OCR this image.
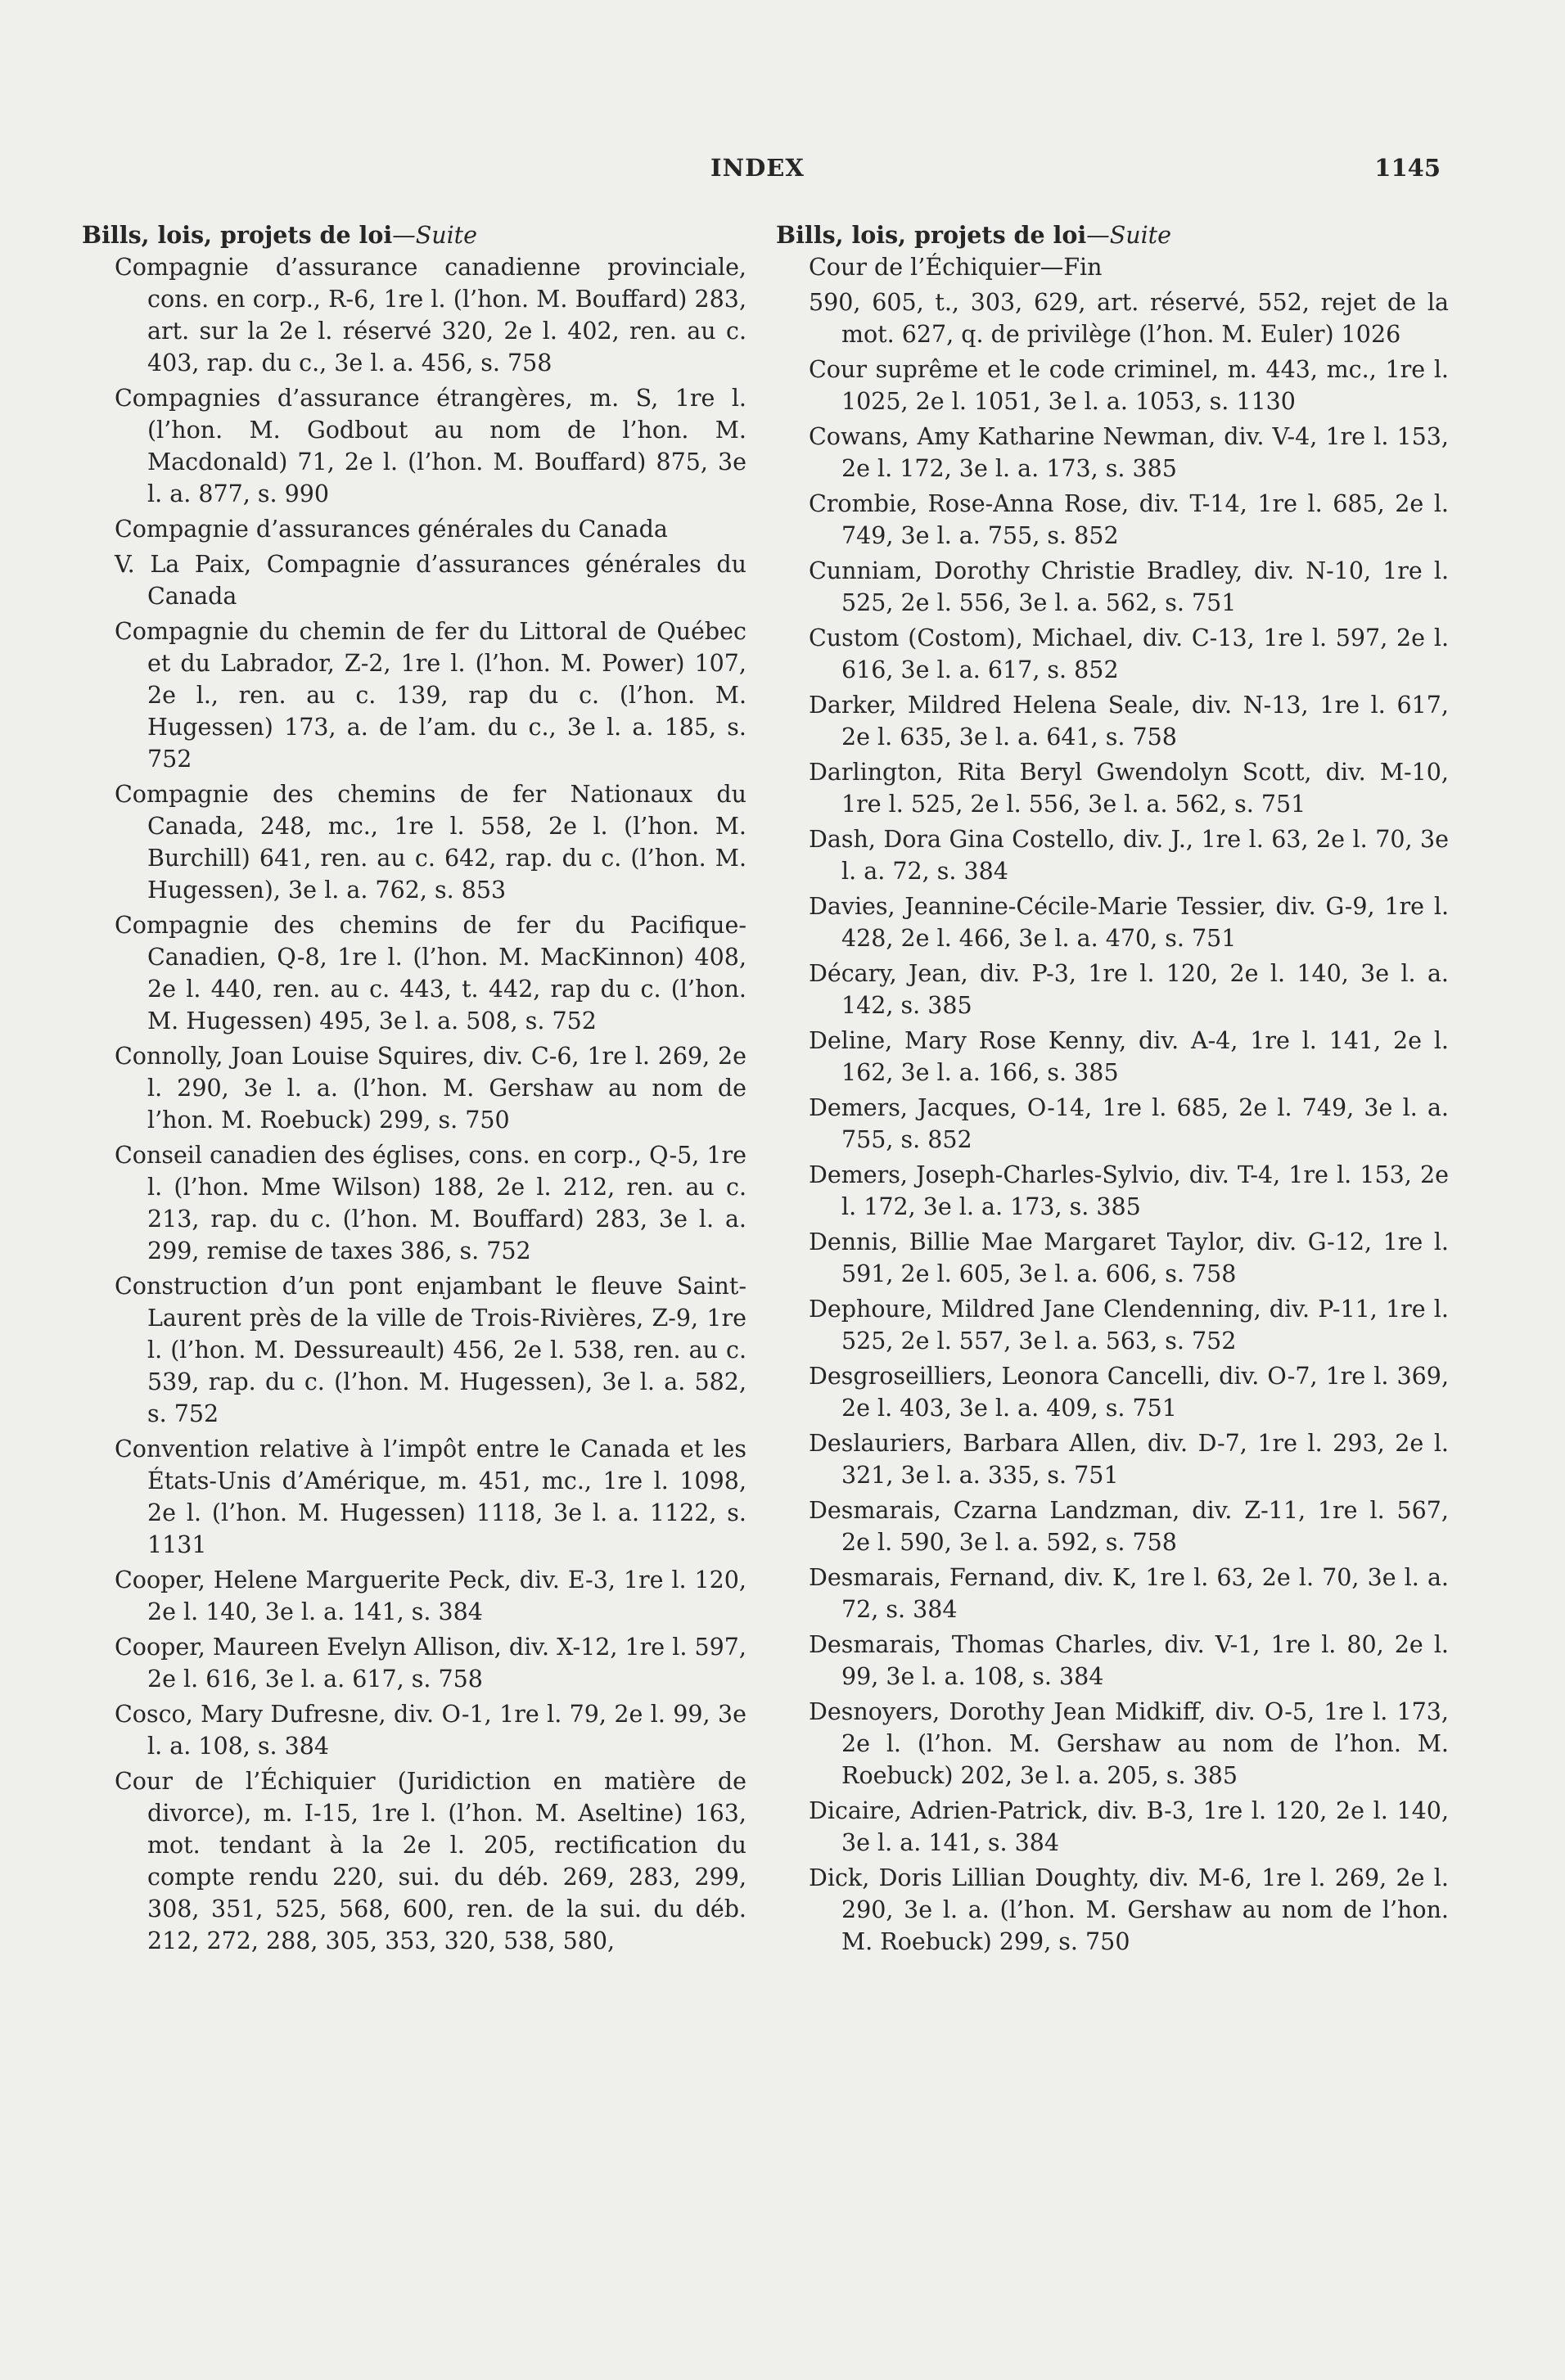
INDEX	1145
Bills, lois, projets de loi—Suite

Compagnie d’assurance canadienne provinciale, cons. en corp., R-6, 1re l. (l’hon. M. Bouffard) 283, art. sur la 2e l. réservé 320, 2e l. 402, ren. au c. 403, rap. du c., 3e l. a. 456, s. 758

Compagnies d’assurance étrangères, m. S, 1re l. (l’hon. M. Godbout au nom de l’hon. M. Macdonald) 71, 2e l. (l’hon. M. Bouffard) 875, 3e l. a. 877, s. 990

Compagnie d’assurances générales du Canada

V. La Paix, Compagnie d’assurances générales du Canada

Compagnie du chemin de fer du Littoral de Québec et du Labrador, Z-2, 1re l. (l’hon. M. Power) 107, 2e l., ren. au c. 139, rap du c. (l’hon. M. Hugessen) 173, a. de l’am. du c., 3e l. a. 185, s. 752

Compagnie des chemins de fer Nationaux du Canada, 248, mc., 1re l. 558, 2e l. (l’hon. M. Burchill) 641, ren. au c. 642, rap. du c. (l’hon. M. Hugessen), 3e l. a. 762, s. 853

Compagnie des chemins de fer du Pacifique-Canadien, Q-8, 1re l. (l’hon. M. MacKinnon) 408, 2e l. 440, ren. au c. 443, t. 442, rap du c. (l’hon. M. Hugessen) 495, 3e l. a. 508, s. 752

Connolly, Joan Louise Squires, div. C-6, 1re l. 269, 2e l. 290, 3e l. a. (l’hon. M. Gershaw au nom de l’hon. M. Roebuck) 299, s. 750

Conseil canadien des églises, cons. en corp., Q-5, 1re l. (l’hon. Mme Wilson) 188, 2e l. 212, ren. au c. 213, rap. du c. (l’hon. M. Bouffard) 283, 3e l. a. 299, remise de taxes 386, s. 752

Construction d’un pont enjambant le fleuve Saint-Laurent près de la ville de Trois-Rivières, Z-9, 1re l. (l’hon. M. Dessureault) 456, 2e l. 538, ren. au c. 539, rap. du c. (l’hon. M. Hugessen), 3e l. a. 582, s. 752

Convention relative à l’impôt entre le Canada et les États-Unis d’Amérique, m. 451, mc., 1re l. 1098, 2e l. (l’hon. M. Hugessen) 1118, 3e l. a. 1122, s. 1131

Cooper, Helene Marguerite Peck, div. E-3, 1re l. 120, 2e l. 140, 3e l. a. 141, s. 384

Cooper, Maureen Evelyn Allison, div. X-12, 1re l. 597, 2e l. 616, 3e l. a. 617, s. 758

Cosco, Mary Dufresne, div. O-1, 1re l. 79, 2e l. 99, 3e l. a. 108, s. 384

Cour de l’Échiquier (Juridiction en matière de divorce), m. I-15, 1re l. (l’hon. M. Aseltine) 163, mot. tendant à la 2e l. 205, rectification du compte rendu 220, sui. du déb. 269, 283, 299, 308, 351, 525, 568, 600, ren. de la sui. du déb. 212, 272, 288, 305, 353, 320, 538, 580,

Bills, lois, projets de loi—Suite

Cour de l’Échiquier—Fin

590, 605, t., 303, 629, art. réservé, 552, rejet de la mot. 627, q. de privilège (l’hon. M. Euler) 1026

Cour suprême et le code criminel, m. 443, mc., 1re l. 1025, 2e l. 1051, 3e l. a. 1053, s. 1130

Cowans, Amy Katharine Newman, div. V-4, 1re l. 153, 2e l. 172, 3e l. a. 173, s. 385

Crombie, Rose-Anna Rose, div. T-14, 1re l. 685, 2e l. 749, 3e l. a. 755, s. 852

Cunniam, Dorothy Christie Bradley, div. N-10, 1re l. 525, 2e l. 556, 3e l. a. 562, s. 751

Custom (Costom), Michael, div. C-13, 1re l. 597, 2e l. 616, 3e l. a. 617, s. 852

Darker, Mildred Helena Seale, div. N-13, 1re l. 617, 2e l. 635, 3e l. a. 641, s. 758

Darlington, Rita Beryl Gwendolyn Scott, div. M-10, 1re l. 525, 2e l. 556, 3e l. a. 562, s. 751

Dash, Dora Gina Costello, div. J., 1re l. 63, 2e l. 70, 3e l. a. 72, s. 384

Davies, Jeannine-Cécile-Marie Tessier, div. G-9, 1re l. 428, 2e l. 466, 3e l. a. 470, s. 751

Décary, Jean, div. P-3, 1re l. 120, 2e l. 140, 3e l. a. 142, s. 385

Deline, Mary Rose Kenny, div. A-4, 1re l. 141, 2e l. 162, 3e l. a. 166, s. 385

Demers, Jacques, O-14, 1re l. 685, 2e l. 749, 3e l. a. 755, s. 852

Demers, Joseph-Charles-Sylvio, div. T-4, 1re l. 153, 2e l. 172, 3e l. a. 173, s. 385

Dennis, Billie Mae Margaret Taylor, div. G-12, 1re l. 591, 2e l. 605, 3e l. a. 606, s. 758

Dephoure, Mildred Jane Clendenning, div. P-11, 1re l. 525, 2e l. 557, 3e l. a. 563, s. 752

Desgroseilliers, Leonora Cancelli, div. O-7, 1re l. 369, 2e l. 403, 3e l. a. 409, s. 751

Deslauriers, Barbara Allen, div. D-7, 1re l. 293, 2e l. 321, 3e l. a. 335, s. 751

Desmarais, Czarna Landzman, div. Z-11, 1re l. 567, 2e l. 590, 3e l. a. 592, s. 758

Desmarais, Fernand, div. K, 1re l. 63, 2e l. 70, 3e l. a. 72, s. 384

Desmarais, Thomas Charles, div. V-1, 1re l. 80, 2e l. 99, 3e l. a. 108, s. 384

Desnoyers, Dorothy Jean Midkiff, div. O-5, 1re l. 173, 2e l. (l’hon. M. Gershaw au nom de l’hon. M. Roebuck) 202, 3e l. a. 205, s. 385

Dicaire, Adrien-Patrick, div. B-3, 1re l. 120, 2e l. 140, 3e l. a. 141, s. 384

Dick, Doris Lillian Doughty, div. M-6, 1re l. 269, 2e l. 290, 3e l. a. (l’hon. M. Gershaw au nom de l’hon. M. Roebuck) 299, s. 750
